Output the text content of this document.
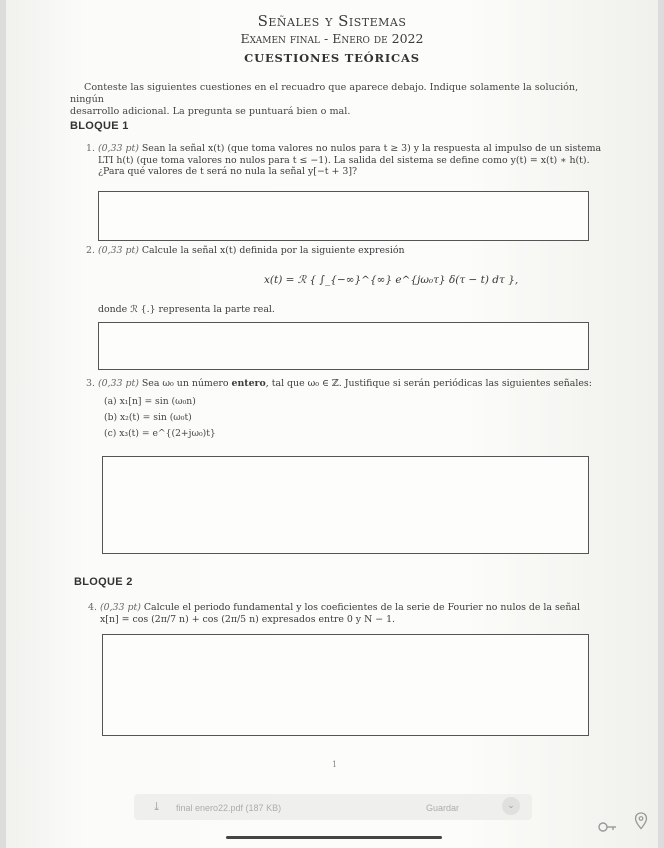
Señales y Sistemas
Examen final - Enero de 2022
CUESTIONES TEÓRICAS
Conteste las siguientes cuestiones en el recuadro que aparece debajo. Indique solamente la solución, ningún
desarrollo adicional. La pregunta se puntuará bien o mal.
BLOQUE 1
1. (0,33 pt) Sean la señal x(t) (que toma valores no nulos para t ≥ 3) y la respuesta al impulso de un sistema
LTI h(t) (que toma valores no nulos para t ≤ −1). La salida del sistema se define como y(t) = x(t) ∗ h(t).
¿Para qué valores de t será no nula la señal y[−t + 3]?
2. (0,33 pt) Calcule la señal x(t) definida por la siguiente expresión
x(t) = ℛ { ∫_{−∞}^{∞} e^{jω₀τ} δ(τ − t) dτ },
donde ℛ {.} representa la parte real.
3. (0,33 pt) Sea ω₀ un número entero, tal que ω₀ ∈ ℤ. Justifique si serán periódicas las siguientes señales:
(a) x₁[n] = sin (ω₀n)
(b) x₂(t) = sin (ω₀t)
(c) x₃(t) = e^{(2+jω₀)t}
BLOQUE 2
4. (0,33 pt) Calcule el periodo fundamental y los coeficientes de la serie de Fourier no nulos de la señal
x[n] = cos (2π/7 n) + cos (2π/5 n) expresados entre 0 y N − 1.
1
⤓ final enero22.pdf (187 KB)	Guardar	⌄
